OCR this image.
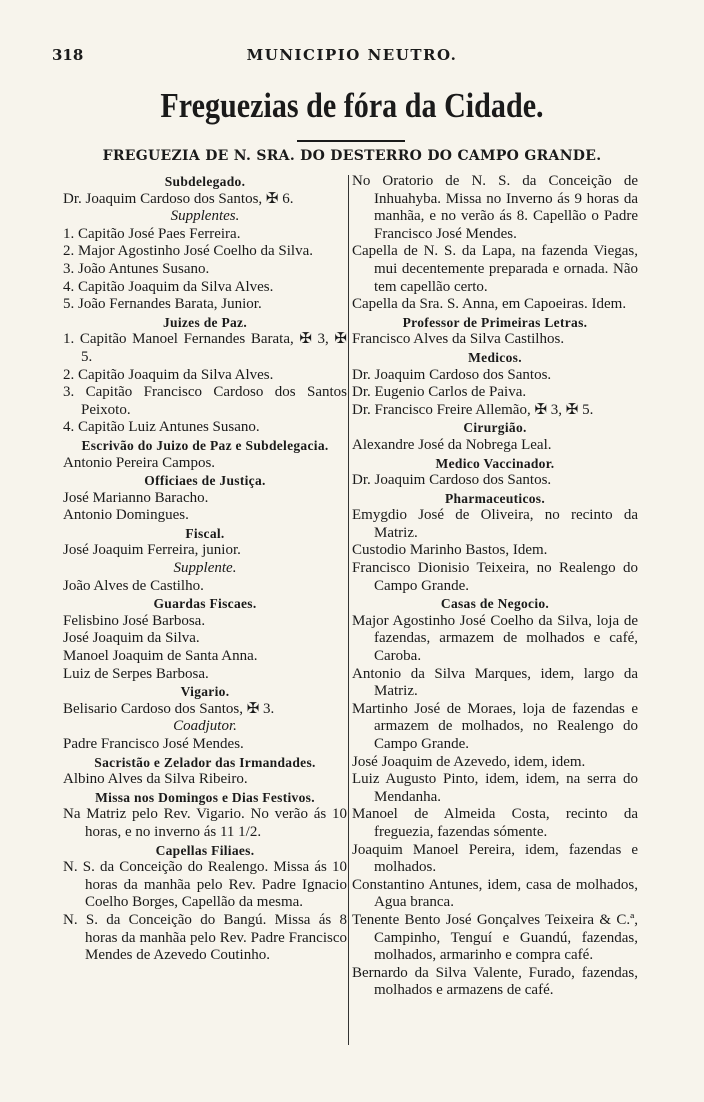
318	MUNICIPIO NEUTRO.
Freguezias de fóra da Cidade.
FREGUEZIA DE N. SRA. DO DESTERRO DO CAMPO GRANDE.

Subdelegado.

Dr. Joaquim Cardoso dos Santos, ✠ 6.

Supplentes.

1. Capitão José Paes Ferreira.

2. Major Agostinho José Coelho da Silva.

3. João Antunes Susano.

4. Capitão Joaquim da Silva Alves.

5. João Fernandes Barata, Junior.

Juizes de Paz.

1. Capitão Manoel Fernandes Barata, ✠ 3, ✠ 5.

2. Capitão Joaquim da Silva Alves.

3. Capitão Francisco Cardoso dos Santos Peixoto.

4. Capitão Luiz Antunes Susano.

Escrivão do Juizo de Paz e Subdelegacia.

Antonio Pereira Campos.

Officiaes de Justiça.

José Marianno Baracho.

Antonio Domingues.

Fiscal.

José Joaquim Ferreira, junior.

Supplente.

João Alves de Castilho.

Guardas Fiscaes.

Felisbino José Barbosa.

José Joaquim da Silva.

Manoel Joaquim de Santa Anna.

Luiz de Serpes Barbosa.

Vigario.

Belisario Cardoso dos Santos, ✠ 3.

Coadjutor.

Padre Francisco José Mendes.

Sacristão e Zelador das Irmandades.

Albino Alves da Silva Ribeiro.

Missa nos Domingos e Dias Festivos.

Na Matriz pelo Rev. Vigario. No verão ás 10 horas, e no inverno ás 11 1/2.

Capellas Filiaes.

N. S. da Conceição do Realengo. Missa ás 10 horas da manhãa pelo Rev. Padre Ignacio Coelho Borges, Capellão da mesma.

N. S. da Conceição do Bangú. Missa ás 8 horas da manhãa pelo Rev. Padre Francisco Mendes de Azevedo Coutinho.

No Oratorio de N. S. da Conceição de Inhuahyba. Missa no Inverno ás 9 horas da manhãa, e no verão ás 8. Capellão o Padre Francisco José Mendes.

Capella de N. S. da Lapa, na fazenda Viegas, mui decentemente preparada e ornada. Não tem capellão certo.

Capella da Sra. S. Anna, em Capoeiras. Idem.

Professor de Primeiras Letras.

Francisco Alves da Silva Castilhos.

Medicos.

Dr. Joaquim Cardoso dos Santos.

Dr. Eugenio Carlos de Paiva.

Dr. Francisco Freire Allemão, ✠ 3, ✠ 5.

Cirurgião.

Alexandre José da Nobrega Leal.

Medico Vaccinador.

Dr. Joaquim Cardoso dos Santos.

Pharmaceuticos.

Emygdio José de Oliveira, no recinto da Matriz.

Custodio Marinho Bastos, Idem.

Francisco Dionisio Teixeira, no Realengo do Campo Grande.

Casas de Negocio.

Major Agostinho José Coelho da Silva, loja de fazendas, armazem de molhados e café, Caroba.

Antonio da Silva Marques, idem, largo da Matriz.

Martinho José de Moraes, loja de fazendas e armazem de molhados, no Realengo do Campo Grande.

José Joaquim de Azevedo, idem, idem.

Luiz Augusto Pinto, idem, idem, na serra do Mendanha.

Manoel de Almeida Costa, recinto da freguezia, fazendas sómente.

Joaquim Manoel Pereira, idem, fazendas e molhados.

Constantino Antunes, idem, casa de molhados, Agua branca.

Tenente Bento José Gonçalves Teixeira & C.ª, Campinho, Tenguí e Guandú, fazendas, molhados, armarinho e compra café.

Bernardo da Silva Valente, Furado, fazendas, molhados e armazens de café.
